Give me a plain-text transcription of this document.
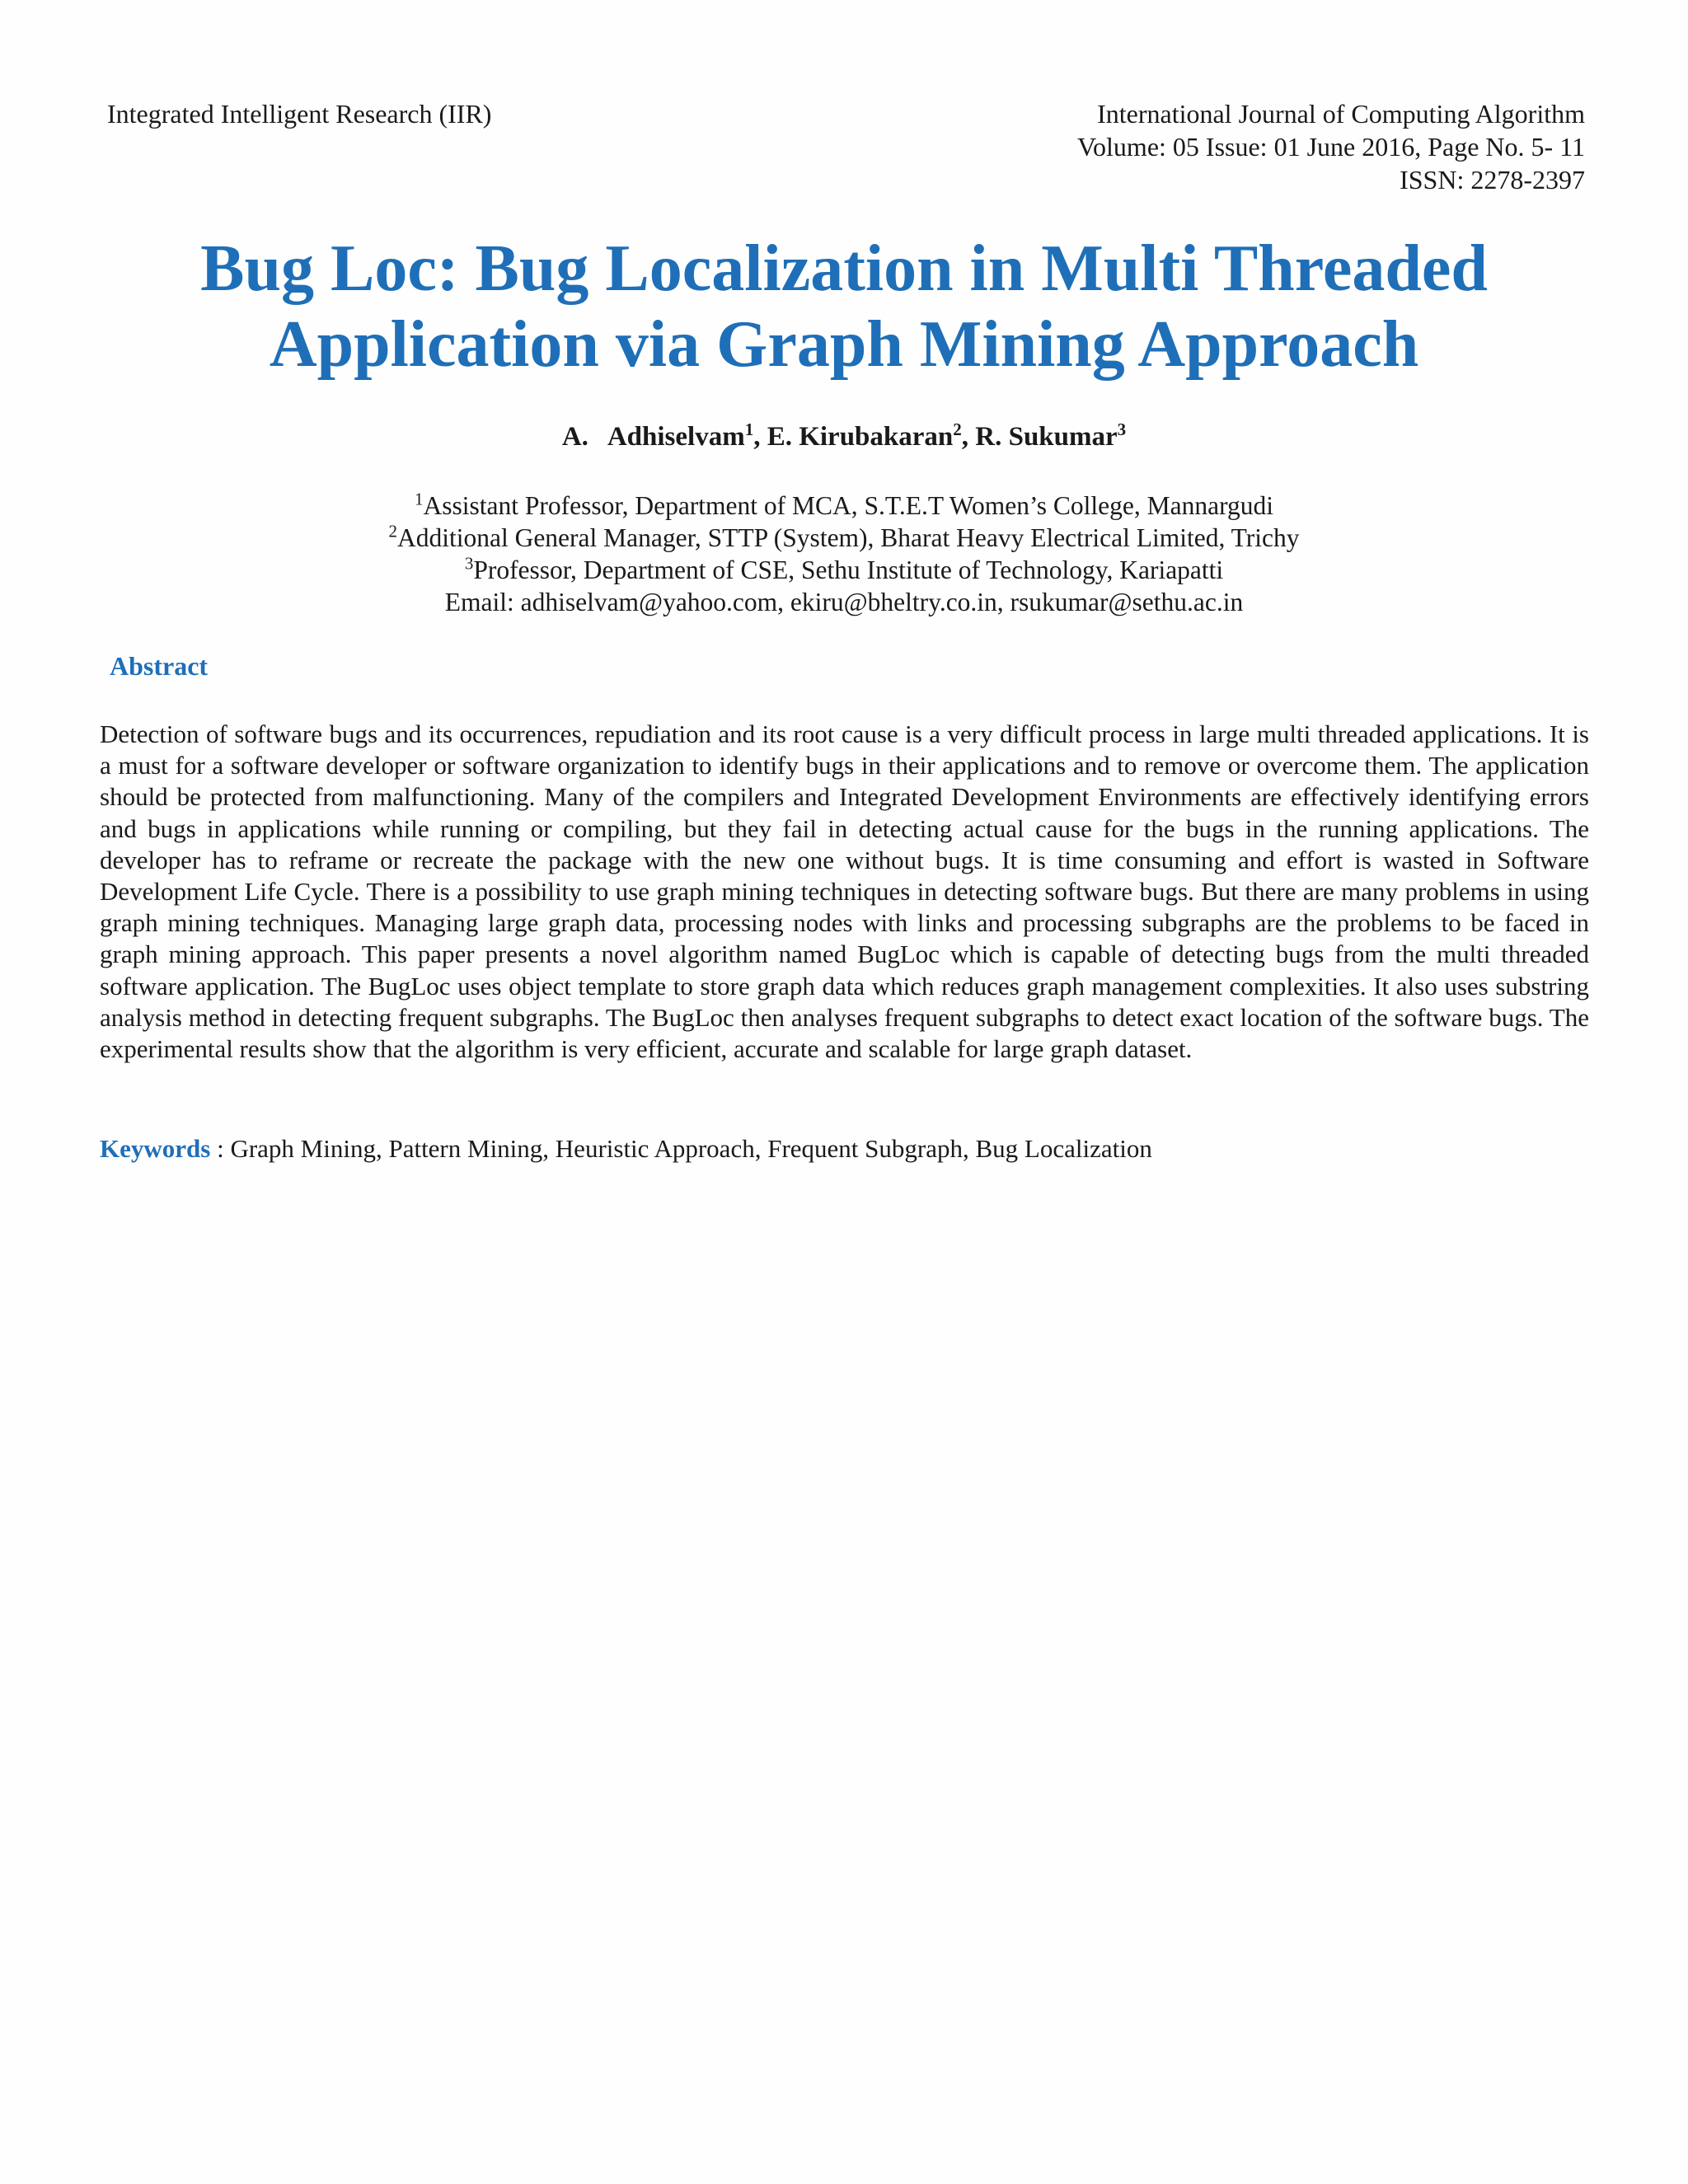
Integrated Intelligent Research (IIR)	International Journal of Computing Algorithm
Volume: 05 Issue: 01 June 2016, Page No. 5- 11
ISSN: 2278-2397
Bug Loc: Bug Localization in Multi Threaded
Application via Graph Mining Approach
A.   Adhiselvam$^1$, E. Kirubakaran$^2$, R. Sukumar$^3$
$^1$Assistant Professor, Department of MCA, S.T.E.T Women’s College, Mannargudi
$^2$Additional General Manager, STTP (System), Bharat Heavy Electrical Limited, Trichy
$^3$Professor, Department of CSE, Sethu Institute of Technology, Kariapatti
Email: adhiselvam@yahoo.com, ekiru@bheltry.co.in, rsukumar@sethu.ac.in
Abstract

Detection of software bugs and its occurrences, repudiation and its root cause is a very difficult process in large multi threaded applications. It is a must for a software developer or software organization to identify bugs in their applications and to remove or overcome them. The application should be protected from malfunctioning. Many of the compilers and Integrated Development Environments are effectively identifying errors and bugs in applications while running or compiling, but they fail in detecting actual cause for the bugs in the running applications. The developer has to reframe or recreate the package with the new one without bugs. It is time consuming and effort is wasted in Software Development Life Cycle. There is a possibility to use graph mining techniques in detecting software bugs. But there are many problems in using graph mining techniques. Managing large graph data, processing nodes with links and processing subgraphs are the problems to be faced in graph mining approach. This paper presents a novel algorithm named BugLoc which is capable of detecting bugs from the multi threaded software application. The BugLoc uses object template to store graph data which reduces graph management complexities. It also uses substring analysis method in detecting frequent subgraphs. The BugLoc then analyses frequent subgraphs to detect exact location of the software bugs. The experimental results show that the algorithm is very efficient, accurate and scalable for large graph dataset.

Keywords : Graph Mining, Pattern Mining, Heuristic Approach, Frequent Subgraph, Bug Localization
